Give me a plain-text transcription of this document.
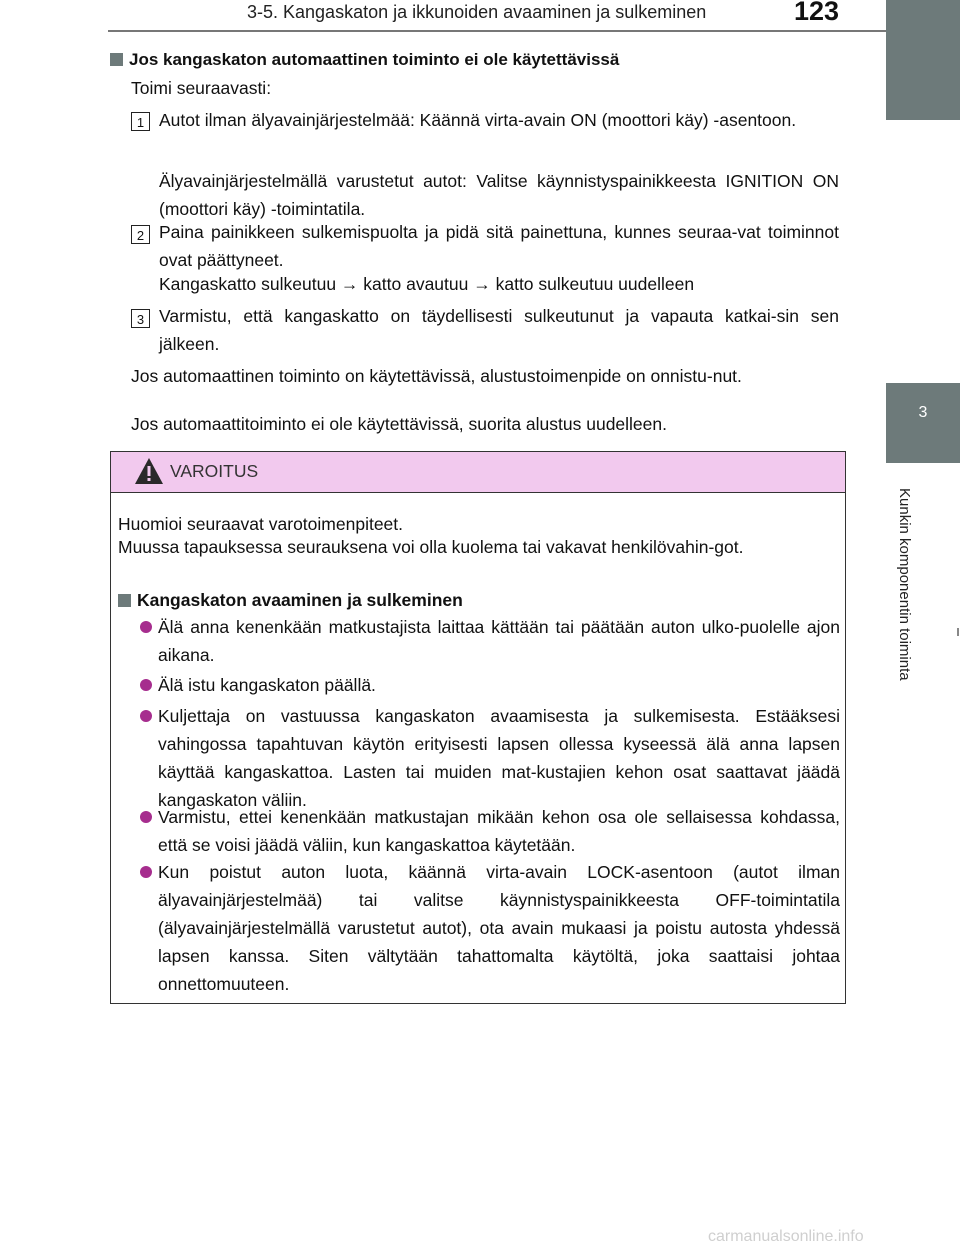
3-5. Kangaskaton ja ikkunoiden avaaminen ja sulkeminen	123
3
Kunkin komponentin toiminta
Jos kangaskaton automaattinen toiminto ei ole käytettävissä
Toimi seuraavasti:
1 Autot ilman älyavainjärjestelmää: Käännä virta-avain ON (moottori käy) -asentoon.
Älyavainjärjestelmällä varustetut autot: Valitse käynnistyspainikkeesta IGNITION ON (moottori käy) -toimintatila.
2 Paina painikkeen sulkemispuolta ja pidä sitä painettuna, kunnes seuraa-vat toiminnot ovat päättyneet.
Kangaskatto sulkeutuu → katto avautuu → katto sulkeutuu uudelleen
3 Varmistu, että kangaskatto on täydellisesti sulkeutunut ja vapauta katkai-sin sen jälkeen.
Jos automaattinen toiminto on käytettävissä, alustustoimenpide on onnistu-nut.
Jos automaattitoiminto ei ole käytettävissä, suorita alustus uudelleen.
VAROITUS
Huomioi seuraavat varotoimenpiteet.
Muussa tapauksessa seurauksena voi olla kuolema tai vakavat henkilövahin-got.
Kangaskaton avaaminen ja sulkeminen
Älä anna kenenkään matkustajista laittaa kättään tai päätään auton ulko-puolelle ajon aikana.
Älä istu kangaskaton päällä.
Kuljettaja on vastuussa kangaskaton avaamisesta ja sulkemisesta. Estääksesi vahingossa tapahtuvan käytön erityisesti lapsen ollessa kyseessä älä anna lapsen käyttää kangaskattoa. Lasten tai muiden mat-kustajien kehon osat saattavat jäädä kangaskaton väliin.
Varmistu, ettei kenenkään matkustajan mikään kehon osa ole sellaisessa kohdassa, että se voisi jäädä väliin, kun kangaskattoa käytetään.
Kun poistut auton luota, käännä virta-avain LOCK-asentoon (autot ilman älyavainjärjestelmää) tai valitse käynnistyspainikkeesta OFF-toimintatila (älyavainjärjestelmällä varustetut autot), ota avain mukaasi ja poistu autosta yhdessä lapsen kanssa. Siten vältytään tahattomalta käytöltä, joka saattaisi johtaa onnettomuuteen.
carmanualsonline.info
